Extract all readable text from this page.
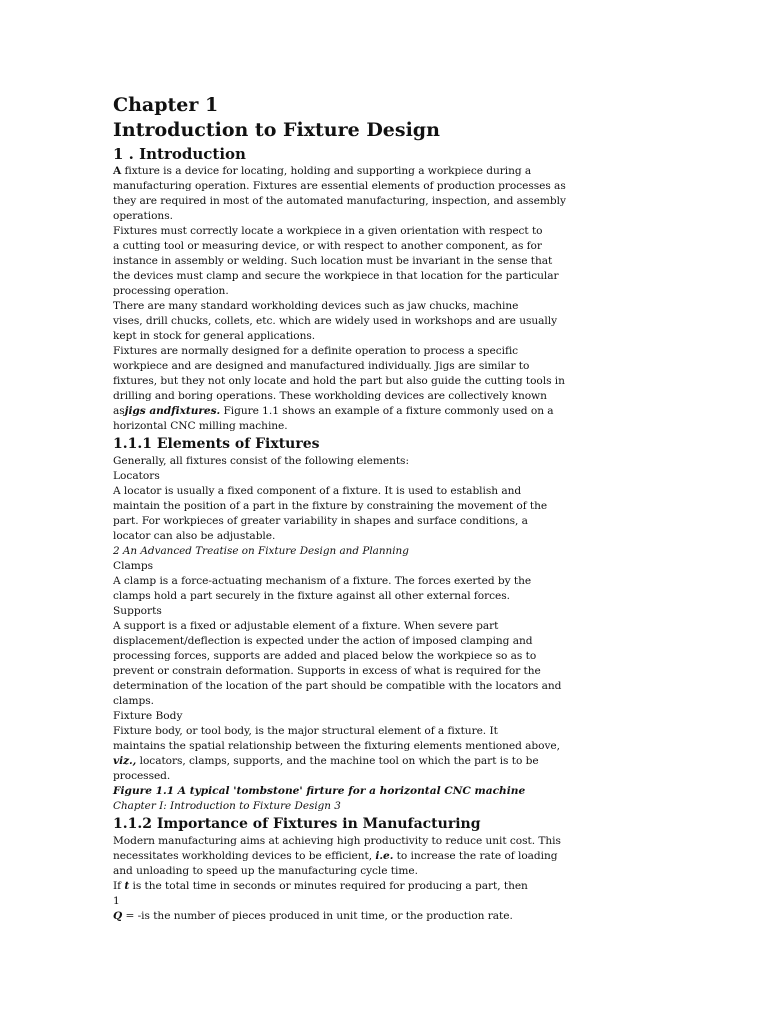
Chapter 1
Introduction to Fixture Design
1 . Introduction
A fixture is a device for locating, holding and supporting a workpiece during a
manufacturing operation. Fixtures are essential elements of production processes as
they are required in most of the automated manufacturing, inspection, and assembly
operations.
Fixtures must correctly locate a workpiece in a given orientation with respect to
a cutting tool or measuring device, or with respect to another component, as for
instance in assembly or welding. Such location must be invariant in the sense that
the devices must clamp and secure the workpiece in that location for the particular
processing operation.
There are many standard workholding devices such as jaw chucks, machine
vises, drill chucks, collets, etc. which are widely used in workshops and are usually
kept in stock for general applications.
Fixtures are normally designed for a definite operation to process a specific
workpiece and are designed and manufactured individually. Jigs are similar to
fixtures, but they not only locate and hold the part but also guide the cutting tools in
drilling and boring operations. These workholding devices are collectively known
asjigs andfixtures. Figure 1.1 shows an example of a fixture commonly used on a
horizontal CNC milling machine.
1.1.1 Elements of Fixtures
Generally, all fixtures consist of the following elements:
Locators
A locator is usually a fixed component of a fixture. It is used to establish and
maintain the position of a part in the fixture by constraining the movement of the
part. For workpieces of greater variability in shapes and surface conditions, a
locator can also be adjustable.
2 An Advanced Treatise on Fixture Design and Planning
Clamps
A clamp is a force-actuating mechanism of a fixture. The forces exerted by the
clamps hold a part securely in the fixture against all other external forces.
Supports
A support is a fixed or adjustable element of a fixture. When severe part
displacement/deflection is expected under the action of imposed clamping and
processing forces, supports are added and placed below the workpiece so as to
prevent or constrain deformation. Supports in excess of what is required for the
determination of the location of the part should be compatible with the locators and
clamps.
Fixture Body
Fixture body, or tool body, is the major structural element of a fixture. It
maintains the spatial relationship between the fixturing elements mentioned above,
viz., locators, clamps, supports, and the machine tool on which the part is to be
processed.
Figure 1.1 A typical 'tombstone' firture for a horizontal CNC machine
Chapter I: Introduction to Fixture Design 3
1.1.2 Importance of Fixtures in Manufacturing
Modern manufacturing aims at achieving high productivity to reduce unit cost. This
necessitates workholding devices to be efficient, i.e. to increase the rate of loading
and unloading to speed up the manufacturing cycle time.
If t is the total time in seconds or minutes required for producing a part, then
1
Q = -is the number of pieces produced in unit time, or the production rate.
